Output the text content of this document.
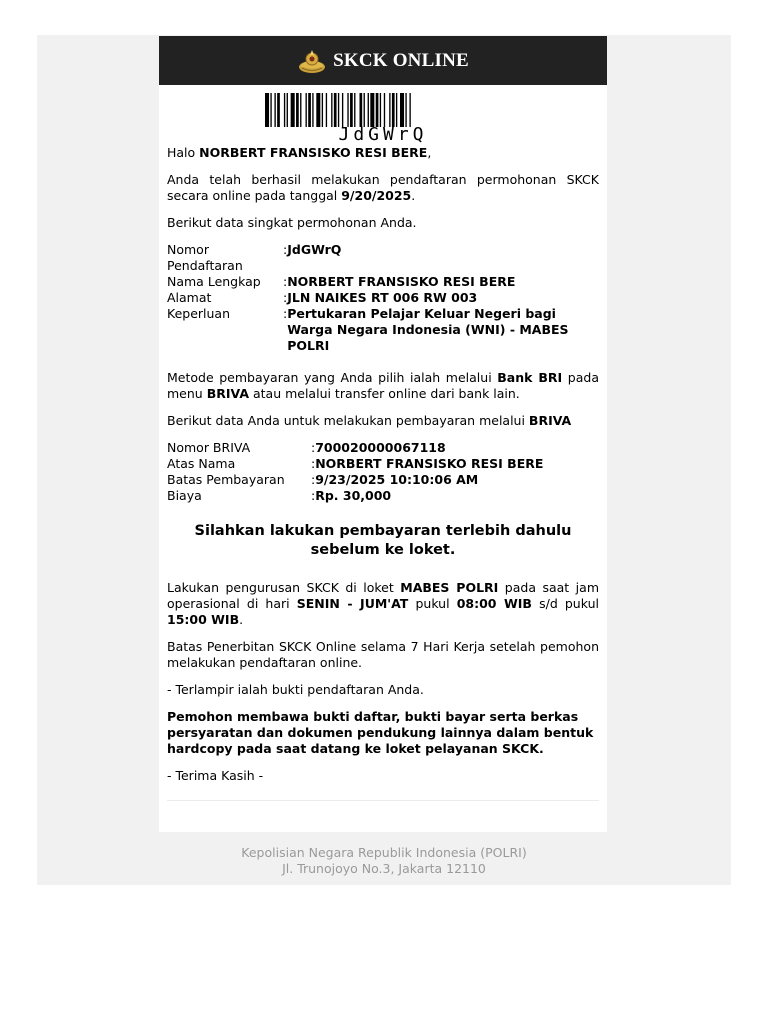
SKCK ONLINE
JdGWrQ

Halo NORBERT FRANSISKO RESI BERE,

Anda telah berhasil melakukan pendaftaran permohonan SKCK secara online pada tanggal 9/20/2025.

Berikut data singkat permohonan Anda.

Nomor Pendaftaran	:	JdGWrQ
Nama Lengkap	:	NORBERT FRANSISKO RESI BERE
Alamat	:	JLN NAIKES RT 006 RW 003
Keperluan	:	Pertukaran Pelajar Keluar Negeri bagi Warga Negara Indonesia (WNI) - MABES POLRI

Metode pembayaran yang Anda pilih ialah melalui Bank BRI pada menu BRIVA atau melalui transfer online dari bank lain.

Berikut data Anda untuk melakukan pembayaran melalui BRIVA

Nomor BRIVA	:	700020000067118
Atas Nama	:	NORBERT FRANSISKO RESI BERE
Batas Pembayaran	:	9/23/2025 10:10:06 AM
Biaya	:	Rp. 30,000
Silahkan lakukan pembayaran terlebih dahulu
sebelum ke loket.

Lakukan pengurusan SKCK di loket MABES POLRI pada saat jam operasional di hari SENIN - JUM'AT pukul 08:00 WIB s/d pukul 15:00 WIB.

Batas Penerbitan SKCK Online selama 7 Hari Kerja setelah pemohon melakukan pendaftaran online.

- Terlampir ialah bukti pendaftaran Anda.

Pemohon membawa bukti daftar, bukti bayar serta berkas persyaratan dan dokumen pendukung lainnya dalam bentuk hardcopy pada saat datang ke loket pelayanan SKCK.

- Terima Kasih -

Kepolisian Negara Republik Indonesia (POLRI)
Jl. Trunojoyo No.3, Jakarta 12110
